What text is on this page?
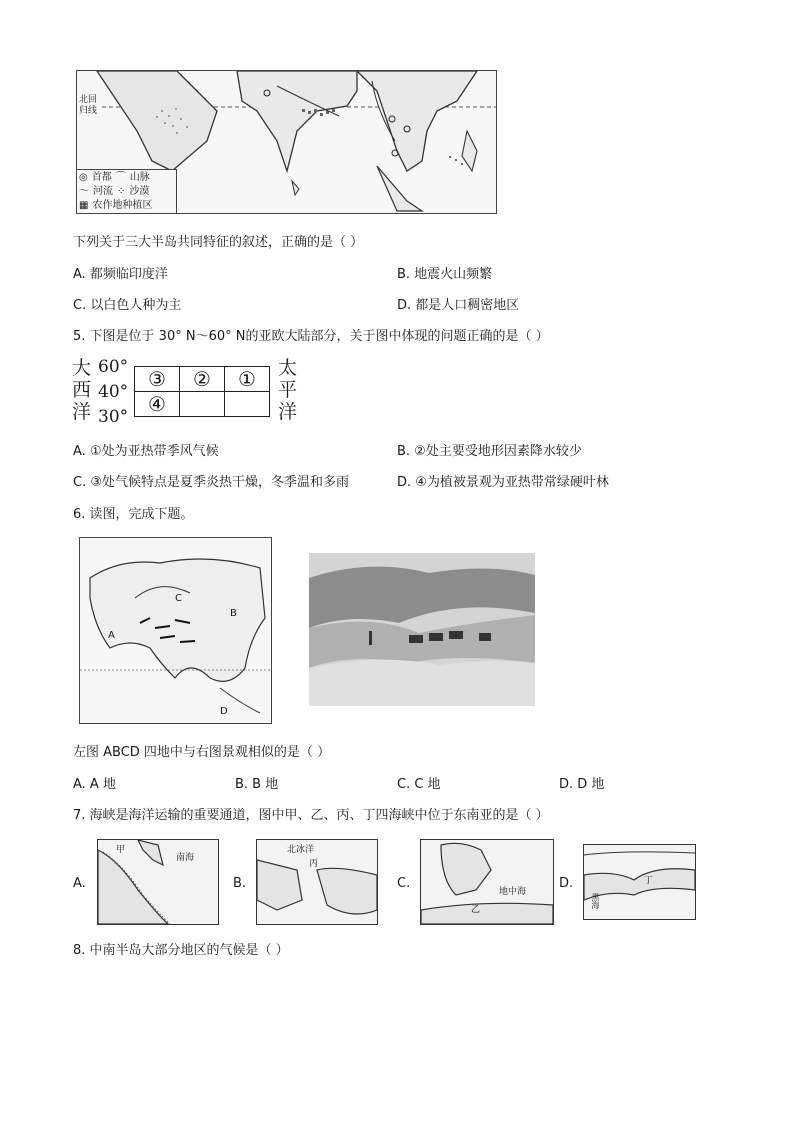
北回
归线
◎ 首都 ⌒ 山脉
〜 河流 ⁘ 沙漠
▦ 农作地种植区
下列关于三大半岛共同特征的叙述，正确的是（ ）
A. 都频临印度洋	B. 地震火山频繁
C. 以白色人种为主	D. 都是人口稠密地区
5. 下图是位于 30° N～60° N的亚欧大陆部分，关于图中体现的问题正确的是（ ）
大
西
洋
60°
40°
30°
③	②	①
④		
太
平
洋
A. ①处为亚热带季风气候	B. ②处主要受地形因素降水较少
C. ③处气候特点是夏季炎热干燥，冬季温和多雨	D. ④为植被景观为亚热带常绿硬叶林
6. 读图，完成下题。
C
A
B
D
左图 ABCD 四地中与右图景观相似的是（ ）
A. A 地	B. B 地	C. C 地	D. D 地
7. 海峡是海洋运输的重要通道，图中甲、乙、丙、丁四海峡中位于东南亚的是（ ）
A.
甲
南海
B.
北冰洋
丙
C.
地中海
乙
D.	丁
黑海
8. 中南半岛大部分地区的气候是（ ）
